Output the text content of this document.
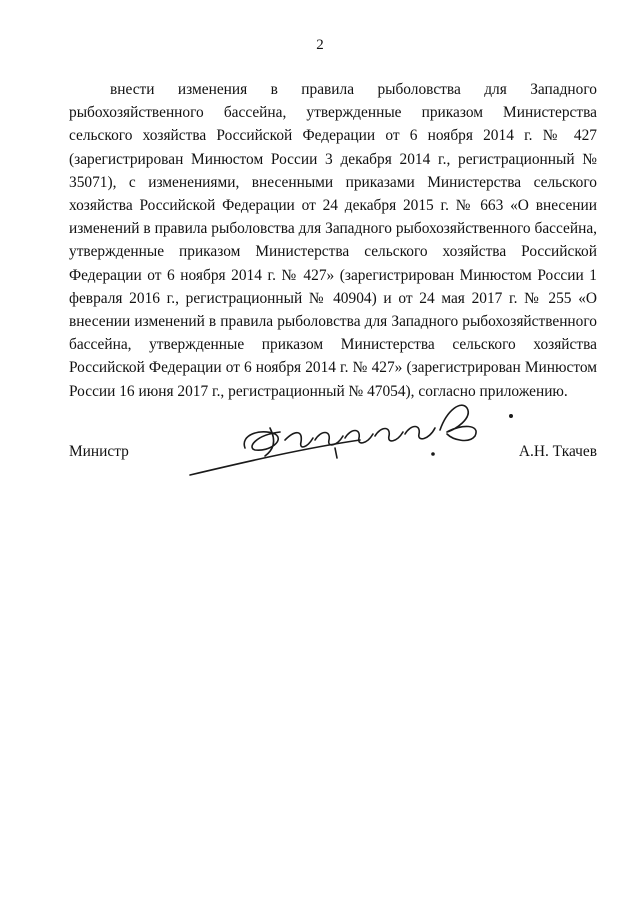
2

внести изменения в правила рыболовства для Западного рыбохозяйственного бассейна, утвержденные приказом Министерства сельского хозяйства Российской Федерации от 6 ноября 2014 г. № 427 (зарегистрирован Минюстом России 3 декабря 2014 г., регистрационный № 35071), с изменениями, внесенными приказами Министерства сельского хозяйства Российской Федерации от 24 декабря 2015 г. № 663 «О внесении изменений в правила рыболовства для Западного рыбохозяйственного бассейна, утвержденные приказом Министерства сельского хозяйства Российской Федерации от 6 ноября 2014 г. № 427» (зарегистрирован Минюстом России 1 февраля 2016 г., регистрационный № 40904) и от 24 мая 2017 г. № 255 «О внесении изменений в правила рыболовства для Западного рыбохозяйственного бассейна, утвержденные приказом Министерства сельского хозяйства Российской Федерации от 6 ноября 2014 г. № 427» (зарегистрирован Минюстом России 16 июня 2017 г., регистрационный № 47054), согласно приложению.

Министр	А.Н. Ткачев
